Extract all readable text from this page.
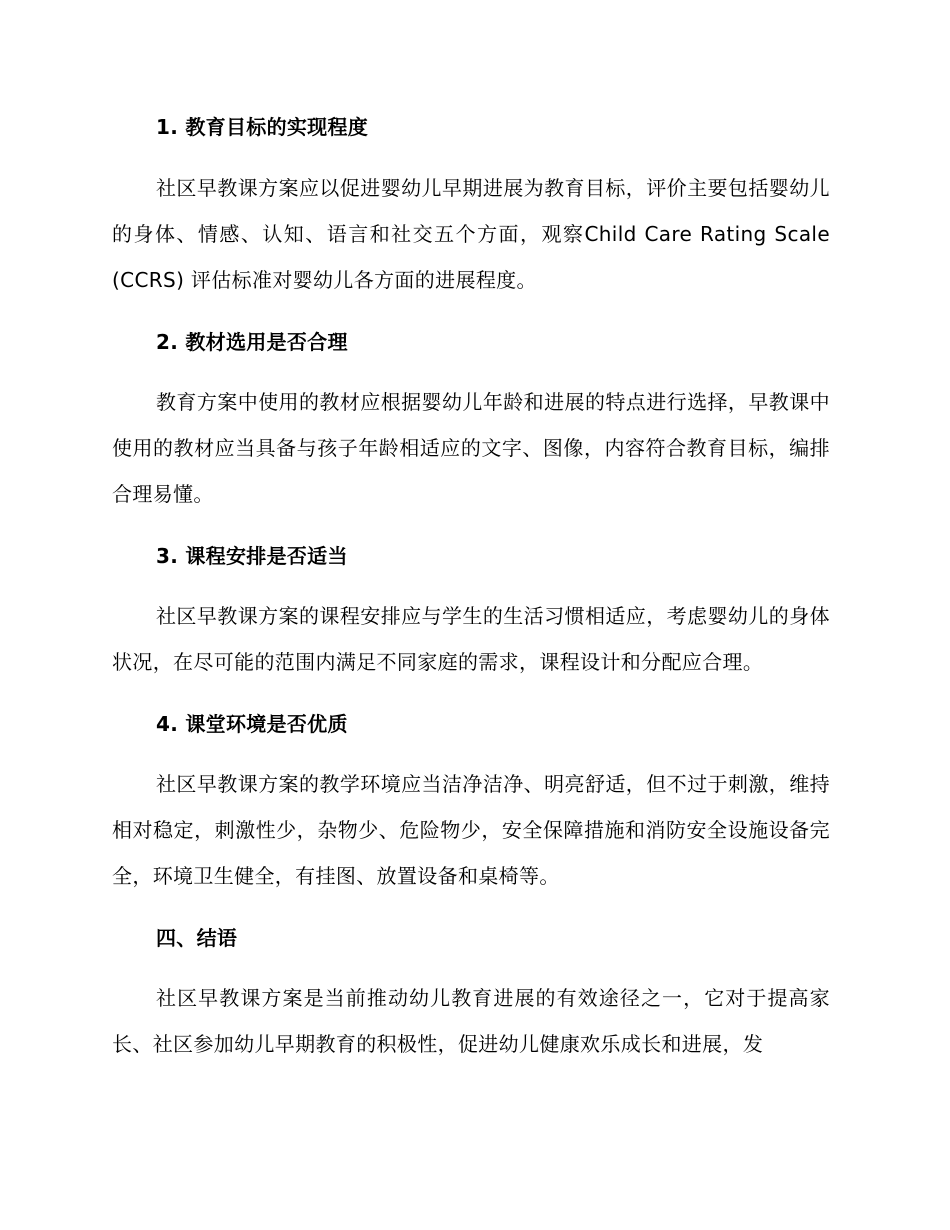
1. 教育目标的实现程度

社区早教课方案应以促进婴幼儿早期进展为教育目标，评价主要包括婴幼儿的身体、情感、认知、语言和社交五个方面，观察Child Care Rating Scale (CCRS) 评估标准对婴幼儿各方面的进展程度。

2. 教材选用是否合理

教育方案中使用的教材应根据婴幼儿年龄和进展的特点进行选择，早教课中使用的教材应当具备与孩子年龄相适应的文字、图像，内容符合教育目标，编排合理易懂。

3. 课程安排是否适当

社区早教课方案的课程安排应与学生的生活习惯相适应，考虑婴幼儿的身体状况，在尽可能的范围内满足不同家庭的需求，课程设计和分配应合理。

4. 课堂环境是否优质

社区早教课方案的教学环境应当洁净洁净、明亮舒适，但不过于刺激，维持相对稳定，刺激性少，杂物少、危险物少，安全保障措施和消防安全设施设备完全，环境卫生健全，有挂图、放置设备和桌椅等。

四、结语

社区早教课方案是当前推动幼儿教育进展的有效途径之一，它对于提高家长、社区参加幼儿早期教育的积极性，促进幼儿健康欢乐成长和进展，发
